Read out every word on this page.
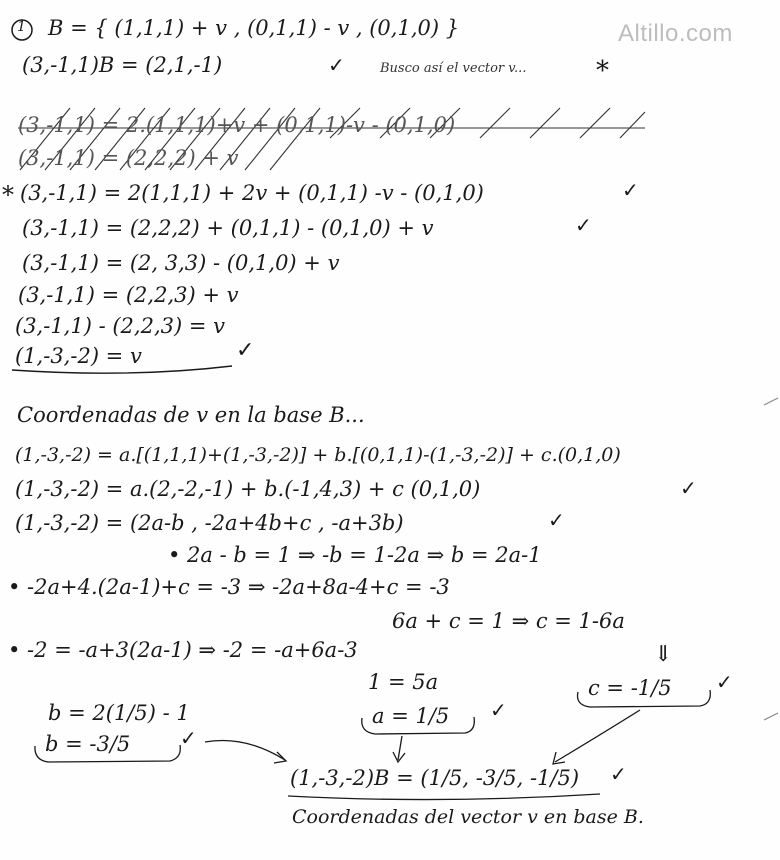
Altillo.com
1 B = { (1,1,1) + v , (0,1,1) - v , (0,1,0) }
(3,-1,1)B = (2,1,-1)	✓	Busco así el vector v...	*
(3,-1,1) = 2.(1,1,1)+v + (0,1,1)-v - (0,1,0)
(3,-1,1) = (2,2,2) + v
* (3,-1,1) = 2(1,1,1) + 2v + (0,1,1) -v - (0,1,0)	✓
(3,-1,1) = (2,2,2) + (0,1,1) - (0,1,0) + v	✓
(3,-1,1) = (2, 3,3) - (0,1,0) + v
(3,-1,1) = (2,2,3) + v
(3,-1,1) - (2,2,3) = v
(1,-3,-2) = v	✓
Coordenadas de v en la base B...
(1,-3,-2) = a.[(1,1,1)+(1,-3,-2)] + b.[(0,1,1)-(1,-3,-2)] + c.(0,1,0)
(1,-3,-2) = a.(2,-2,-1) + b.(-1,4,3) + c (0,1,0)	✓
(1,-3,-2) = (2a-b , -2a+4b+c , -a+3b)	✓
• 2a - b = 1 ⇒ -b = 1-2a ⇒ b = 2a-1
• -2a+4.(2a-1)+c = -3 ⇒ -2a+8a-4+c = -3
6a + c = 1 ⇒ c = 1-6a
• -2 = -a+3(2a-1) ⇒ -2 = -a+6a-3
1 = 5a
⇓
c = -1/5 ✓
b = 2(1/5) - 1	a = 1/5 ✓
b = -3/5 ✓
(1,-3,-2)B = (1/5, -3/5, -1/5) ✓
Coordenadas del vector v en base B.
